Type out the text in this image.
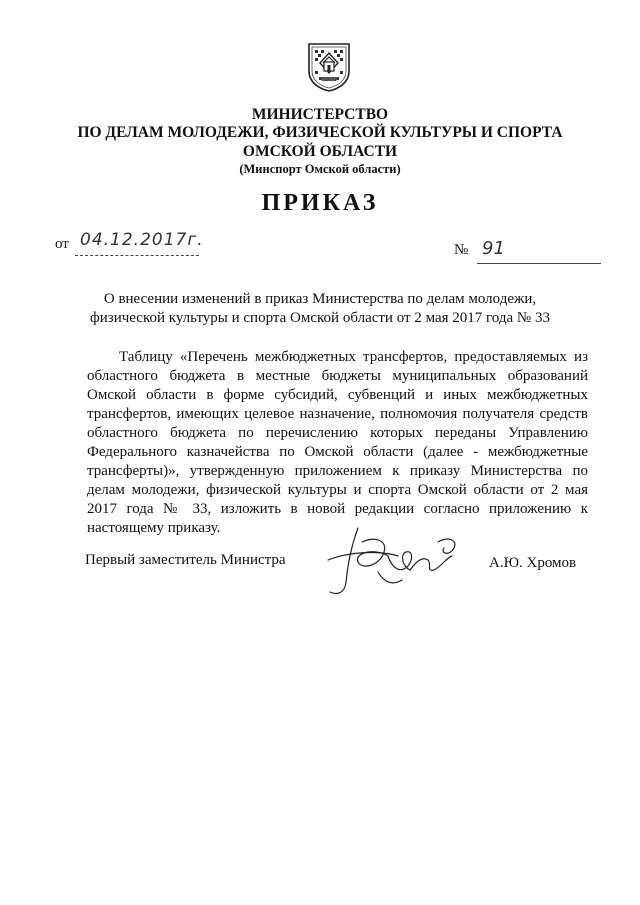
МИНИСТЕРСТВО
ПО ДЕЛАМ МОЛОДЕЖИ, ФИЗИЧЕСКОЙ КУЛЬТУРЫ И СПОРТА
ОМСКОЙ ОБЛАСТИ
(Минспорт Омской области)
ПРИКАЗ
от 04.12.2017г.	№ 91
О внесении изменений в приказ Министерства по делам молодежи,
физической культуры и спорта Омской области от 2 мая 2017 года № 33
Таблицу «Перечень межбюджетных трансфертов, предоставляемых из
областного бюджета в местные бюджеты муниципальных образований
Омской области в форме субсидий, субвенций и иных межбюджетных
трансфертов, имеющих целевое назначение, полномочия получателя средств
областного бюджета по перечислению которых переданы Управлению
Федерального казначейства по Омской области (далее - межбюджетные
трансферты)», утвержденную приложением к приказу Министерства по
делам молодежи, физической культуры и спорта Омской области от 2 мая
2017 года № 33, изложить в новой редакции согласно приложению к
настоящему приказу.
Первый заместитель Министра	А.Ю. Хромов
